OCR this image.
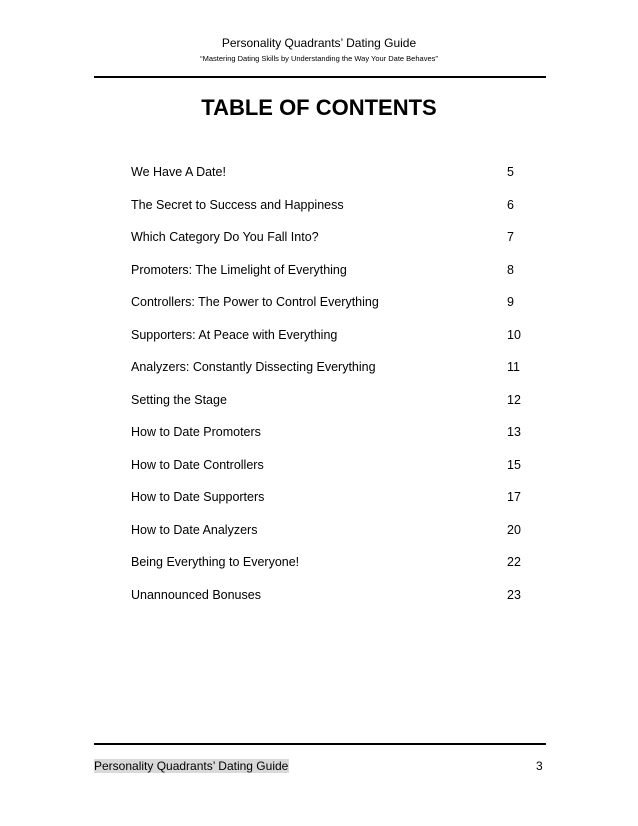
Personality Quadrants’ Dating Guide
“Mastering Dating Skills by Understanding the Way Your Date Behaves”
TABLE OF CONTENTS
We Have A Date!	5
The Secret to Success and Happiness	6
Which Category Do You Fall Into?	7
Promoters: The Limelight of Everything	8
Controllers: The Power to Control Everything	9
Supporters: At Peace with Everything	10
Analyzers: Constantly Dissecting Everything	11
Setting the Stage	12
How to Date Promoters	13
How to Date Controllers	15
How to Date Supporters	17
How to Date Analyzers	20
Being Everything to Everyone!	22
Unannounced Bonuses	23
Personality Quadrants’ Dating Guide	3
